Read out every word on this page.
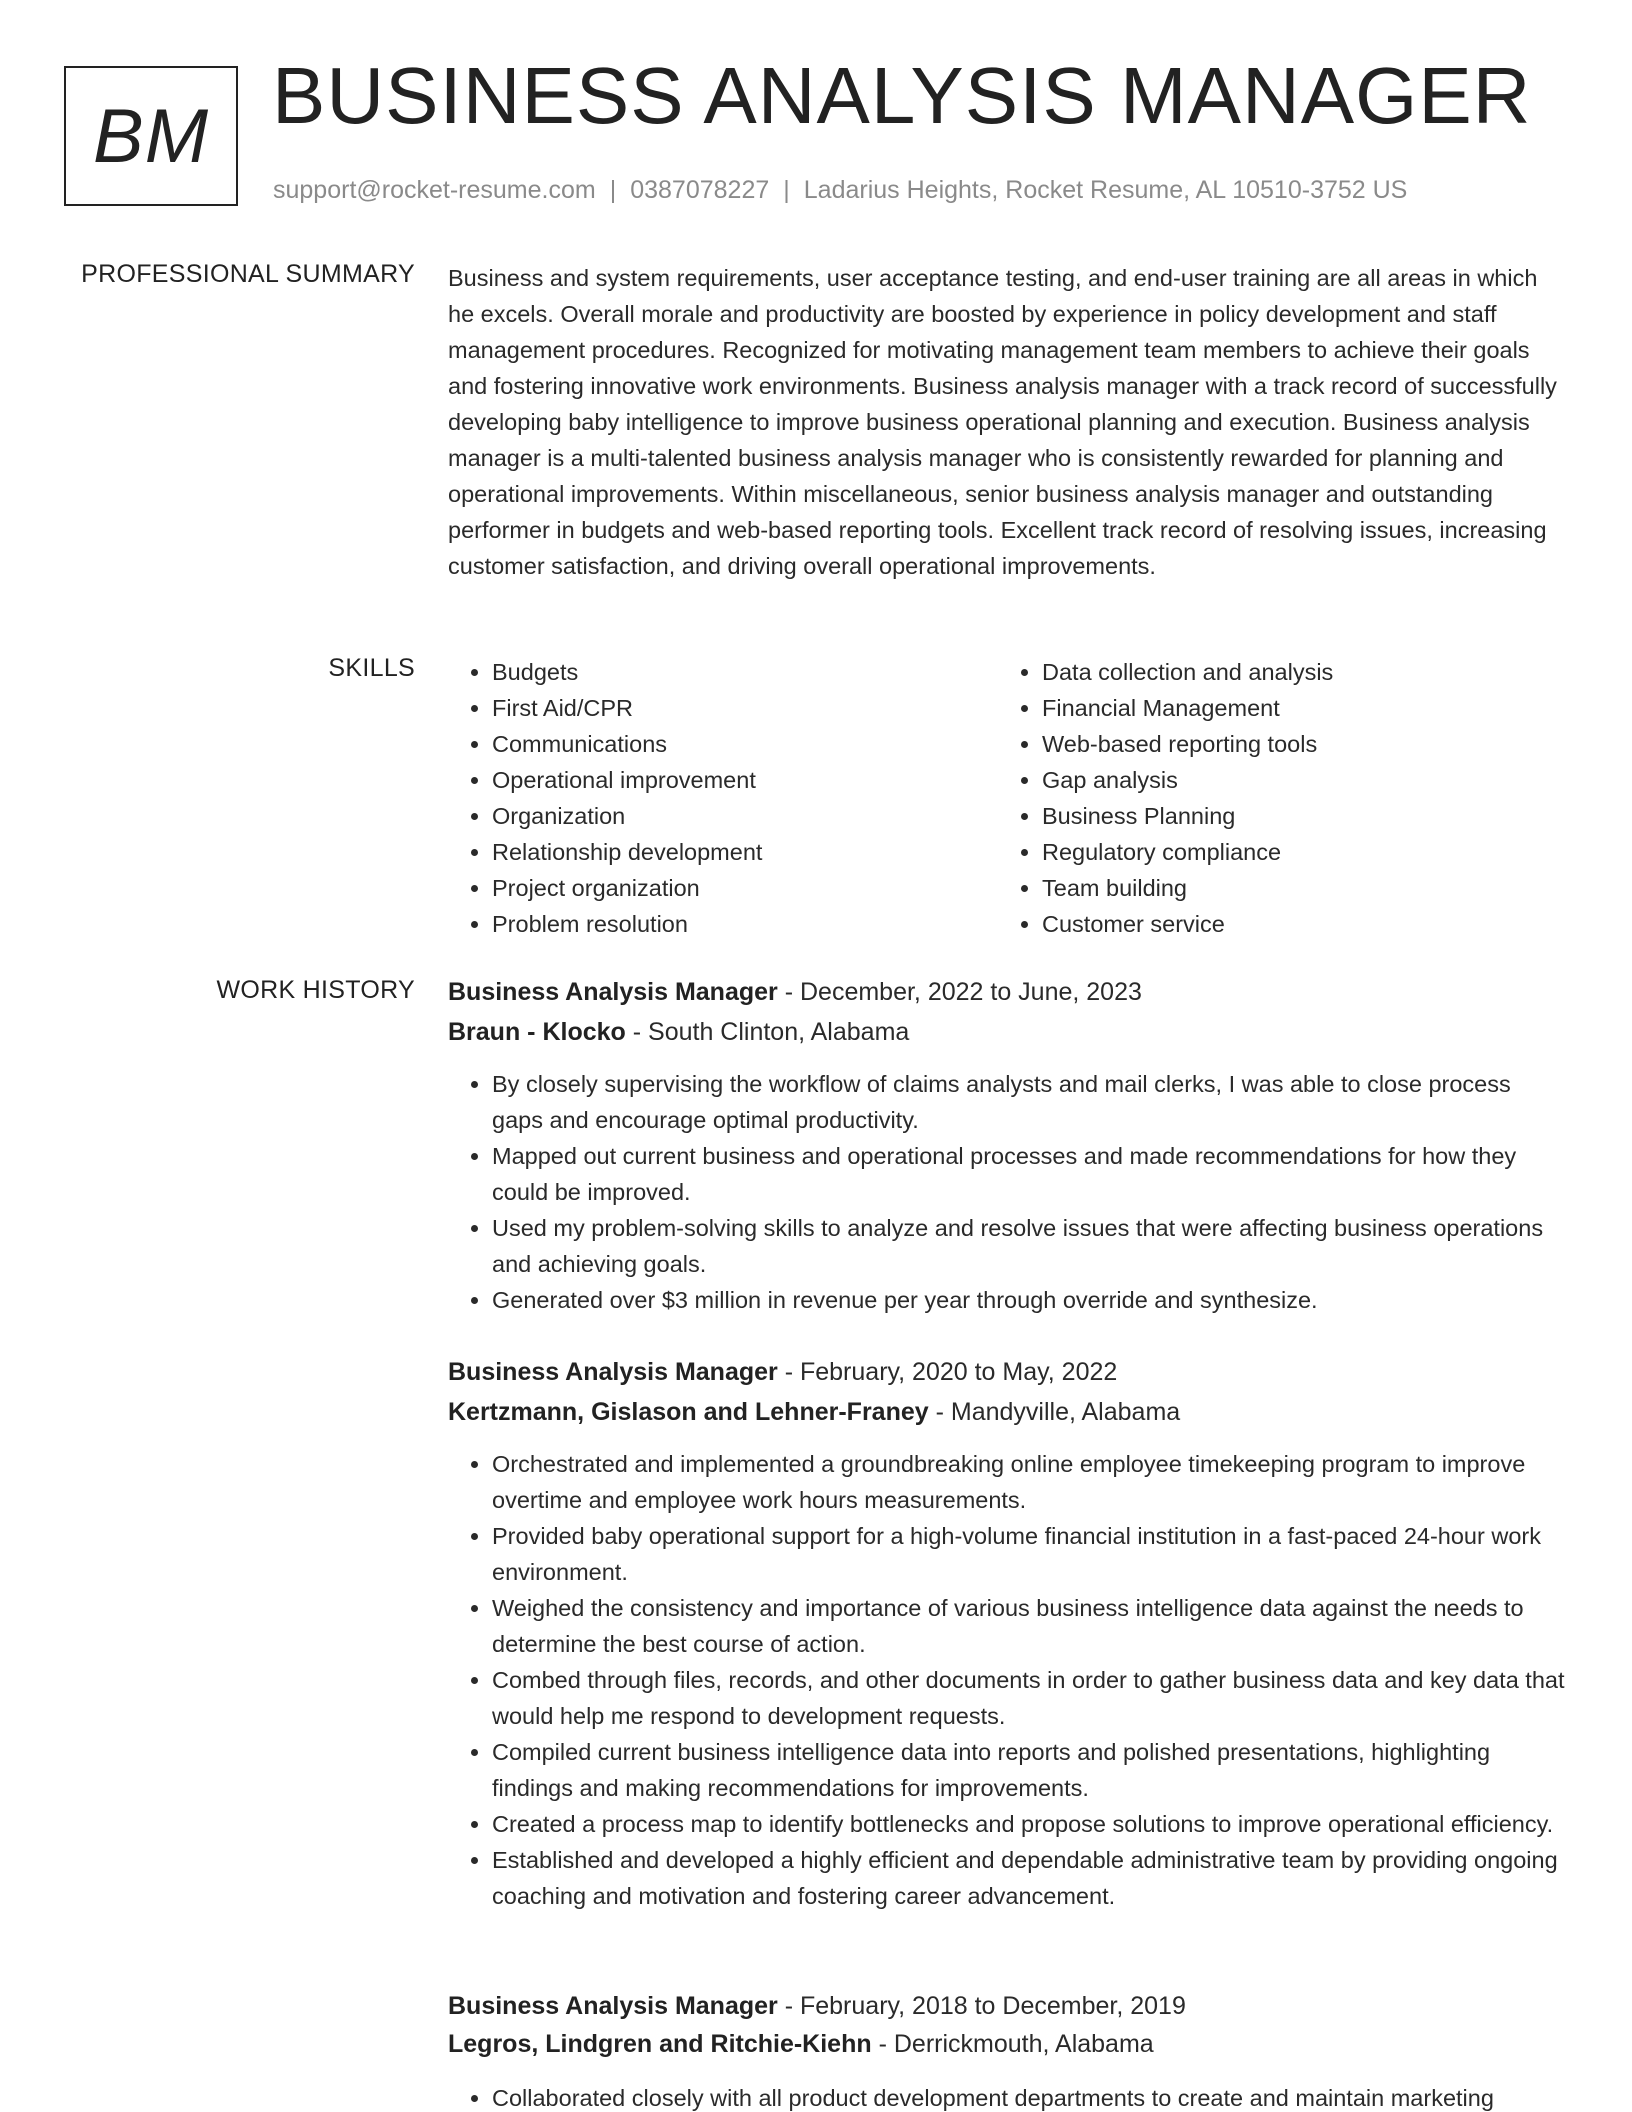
BM BUSINESS ANALYSIS MANAGER
support@rocket-resume.com | 0387078227 | Ladarius Heights, Rocket Resume, AL 10510-3752 US
PROFESSIONAL SUMMARY Business and system requirements, user acceptance testing, and end-user training are all areas in which he excels. Overall morale and productivity are boosted by experience in policy development and staff management procedures. Recognized for motivating management team members to achieve their goals and fostering innovative work environments. Business analysis manager with a track record of successfully developing baby intelligence to improve business operational planning and execution. Business analysis manager is a multi-talented business analysis manager who is consistently rewarded for planning and operational improvements. Within miscellaneous, senior business analysis manager and outstanding performer in budgets and web-based reporting tools. Excellent track record of resolving issues, increasing customer satisfaction, and driving overall operational improvements.
SKILLS
•	Budgets
• First Aid/CPR
• Communications
• Operational improvement
• Organization
• Relationship development
• Project organization
• Problem resolution
• Data collection and analysis
• Financial Management
• Web-based reporting tools
• Gap analysis
• Business Planning
• Regulatory compliance
• Team building
• Customer service
WORK HISTORY Business Analysis Manager - December, 2022 to June, 2023
Braun - Klocko - South Clinton, Alabama
• By closely supervising the workflow of claims analysts and mail clerks, I was able to close process gaps and encourage optimal productivity.
• Mapped out current business and operational processes and made recommendations for how they could be improved.
• Used my problem-solving skills to analyze and resolve issues that were affecting business operations and achieving goals.
• Generated over $3 million in revenue per year through override and synthesize.
Business Analysis Manager - February, 2020 to May, 2022
Kertzmann, Gislason and Lehner-Franey - Mandyville, Alabama
• Orchestrated and implemented a groundbreaking online employee timekeeping program to improve overtime and employee work hours measurements.
• Provided baby operational support for a high-volume financial institution in a fast-paced 24-hour work environment.
• Weighed the consistency and importance of various business intelligence data against the needs to determine the best course of action.
• Combed through files, records, and other documents in order to gather business data and key data that would help me respond to development requests.
• Compiled current business intelligence data into reports and polished presentations, highlighting findings and making recommendations for improvements.
• Created a process map to identify bottlenecks and propose solutions to improve operational efficiency.
• Established and developed a highly efficient and dependable administrative team by providing ongoing coaching and motivation and fostering career advancement.
Business Analysis Manager - February, 2018 to December, 2019
Legros, Lindgren and Ritchie-Kiehn - Derrickmouth, Alabama
• Collaborated closely with all product development departments to create and maintain marketing
